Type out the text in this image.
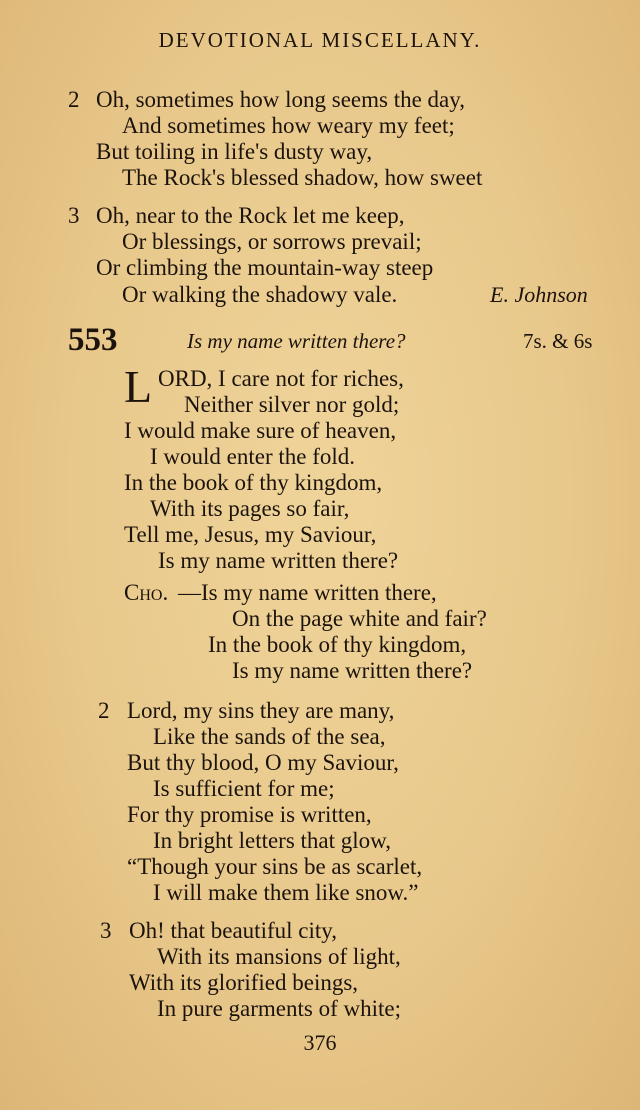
DEVOTIONAL MISCELLANY.
2 Oh, sometimes how long seems the day,
And sometimes how weary my feet;
But toiling in life's dusty way,
The Rock's blessed shadow, how sweet
3 Oh, near to the Rock let me keep,
Or blessings, or sorrows prevail;
Or climbing the mountain-way steep
Or walking the shadowy vale.	E. Johnson
553	Is my name written there?	7s. & 6s
L ORD, I care not for riches,
Neither silver nor gold;
I would make sure of heaven,
I would enter the fold.
In the book of thy kingdom,
With its pages so fair,
Tell me, Jesus, my Saviour,
Is my name written there?
Cho. —Is my name written there,
On the page white and fair?
In the book of thy kingdom,
Is my name written there?
2 Lord, my sins they are many,
Like the sands of the sea,
But thy blood, O my Saviour,
Is sufficient for me;
For thy promise is written,
In bright letters that glow,
“Though your sins be as scarlet,
I will make them like snow.”
3 Oh! that beautiful city,
With its mansions of light,
With its glorified beings,
In pure garments of white;
376
